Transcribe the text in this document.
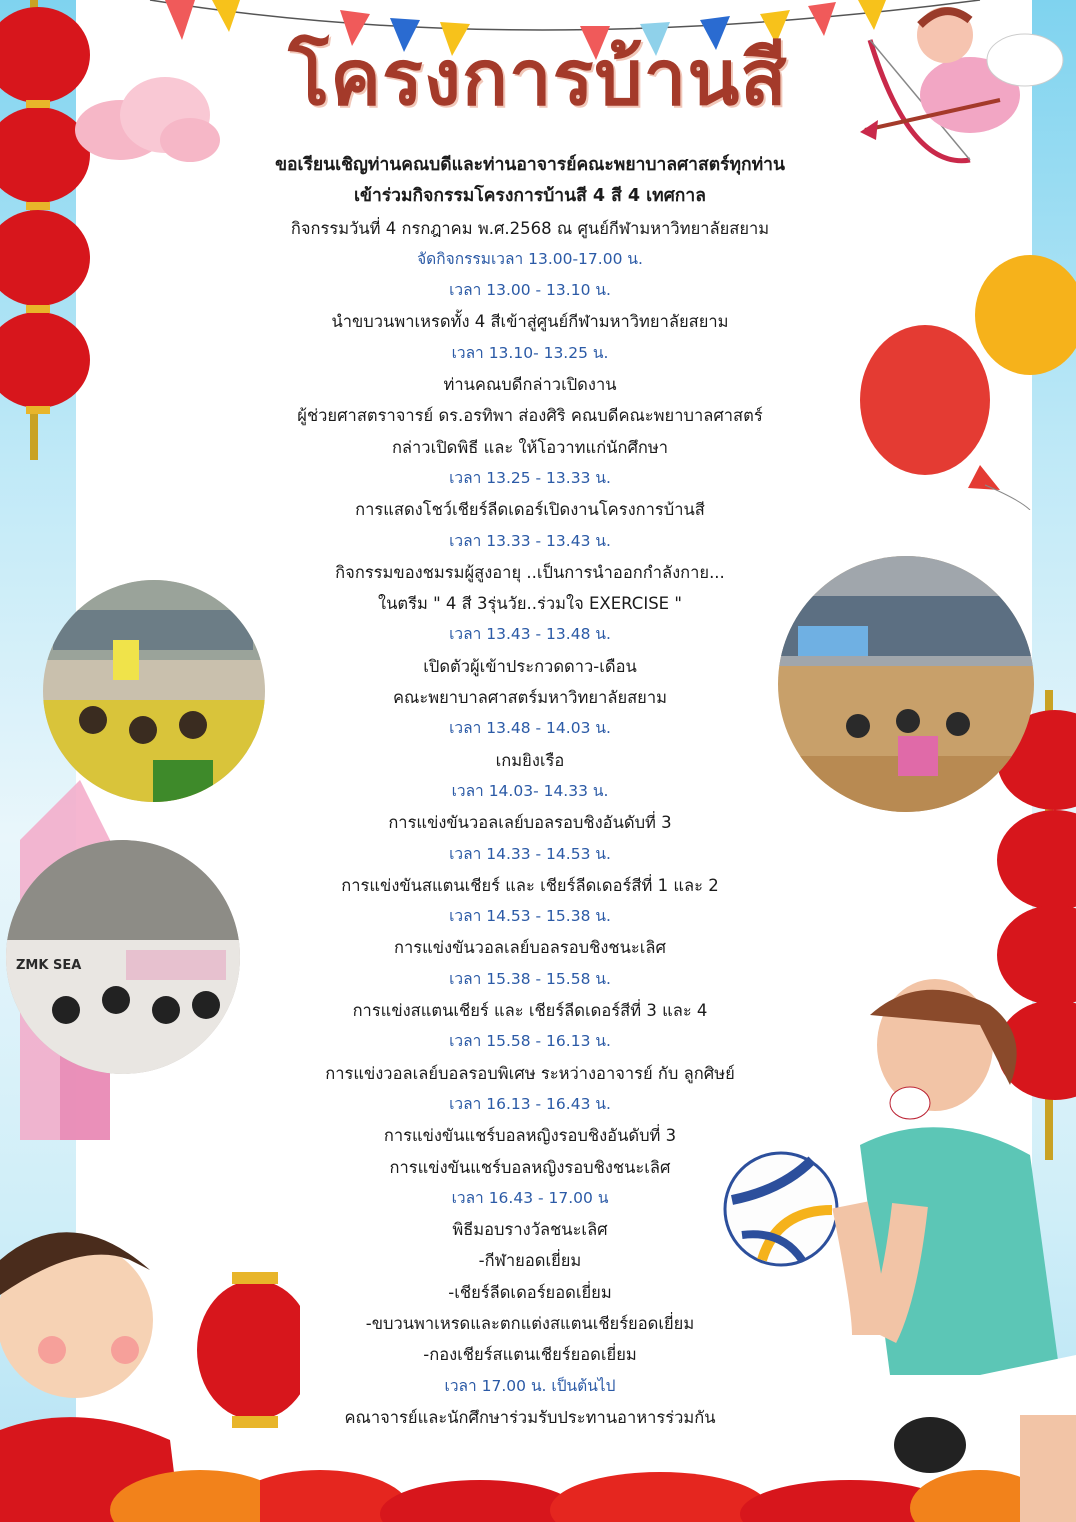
ZMK SEA
โครงการบ้านสี
ขอเรียนเชิญท่านคณบดีและท่านอาจารย์คณะพยาบาลศาสตร์ทุกท่าน
เข้าร่วมกิจกรรมโครงการบ้านสี 4 สี 4 เทศกาล
กิจกรรมวันที่ 4 กรกฎาคม พ.ศ.2568 ณ ศูนย์กีฬามหาวิทยาลัยสยาม
จัดกิจกรรมเวลา 13.00-17.00 น.
เวลา 13.00 - 13.10 น.
นำขบวนพาเหรดทั้ง 4 สีเข้าสู่ศูนย์กีฬามหาวิทยาลัยสยาม
เวลา 13.10- 13.25 น.
ท่านคณบดีกล่าวเปิดงาน
ผู้ช่วยศาสตราจารย์ ดร.อรทิพา ส่องศิริ คณบดีคณะพยาบาลศาสตร์
กล่าวเปิดพิธี และ ให้โอวาทแก่นักศึกษา
เวลา 13.25 - 13.33 น.
การแสดงโชว์เชียร์ลีดเดอร์เปิดงานโครงการบ้านสี
เวลา 13.33 - 13.43 น.
กิจกรรมของชมรมผู้สูงอายุ ..เป็นการนำออกกำลังกาย...
ในตรีม " 4 สี 3รุ่นวัย..ร่วมใจ EXERCISE "
เวลา 13.43 - 13.48 น.
เปิดตัวผู้เข้าประกวดดาว-เดือน
คณะพยาบาลศาสตร์มหาวิทยาลัยสยาม
เวลา 13.48 - 14.03 น.
เกมยิงเรือ
เวลา 14.03- 14.33 น.
การแข่งขันวอลเลย์บอลรอบชิงอันดับที่ 3
เวลา 14.33 - 14.53 น.
การแข่งขันสแตนเชียร์ และ เชียร์ลีดเดอร์สีที่ 1 และ 2
เวลา 14.53 - 15.38 น.
การแข่งขันวอลเลย์บอลรอบชิงชนะเลิศ
เวลา 15.38 - 15.58 น.
การแข่งสแตนเชียร์ และ เชียร์ลีดเดอร์สีที่ 3 และ 4
เวลา 15.58 - 16.13 น.
การแข่งวอลเลย์บอลรอบพิเศษ ระหว่างอาจารย์ กับ ลูกศิษย์
เวลา 16.13 - 16.43 น.
การแข่งขันแชร์บอลหญิงรอบชิงอันดับที่ 3
การแข่งขันแชร์บอลหญิงรอบชิงชนะเลิศ
เวลา 16.43 - 17.00 น
พิธีมอบรางวัลชนะเลิศ
-กีฬายอดเยี่ยม
-เชียร์ลีดเดอร์ยอดเยี่ยม
-ขบวนพาเหรดและตกแต่งสแตนเชียร์ยอดเยี่ยม
-กองเชียร์สแตนเชียร์ยอดเยี่ยม
เวลา 17.00 น. เป็นต้นไป
คณาจารย์และนักศึกษาร่วมรับประทานอาหารร่วมกัน
